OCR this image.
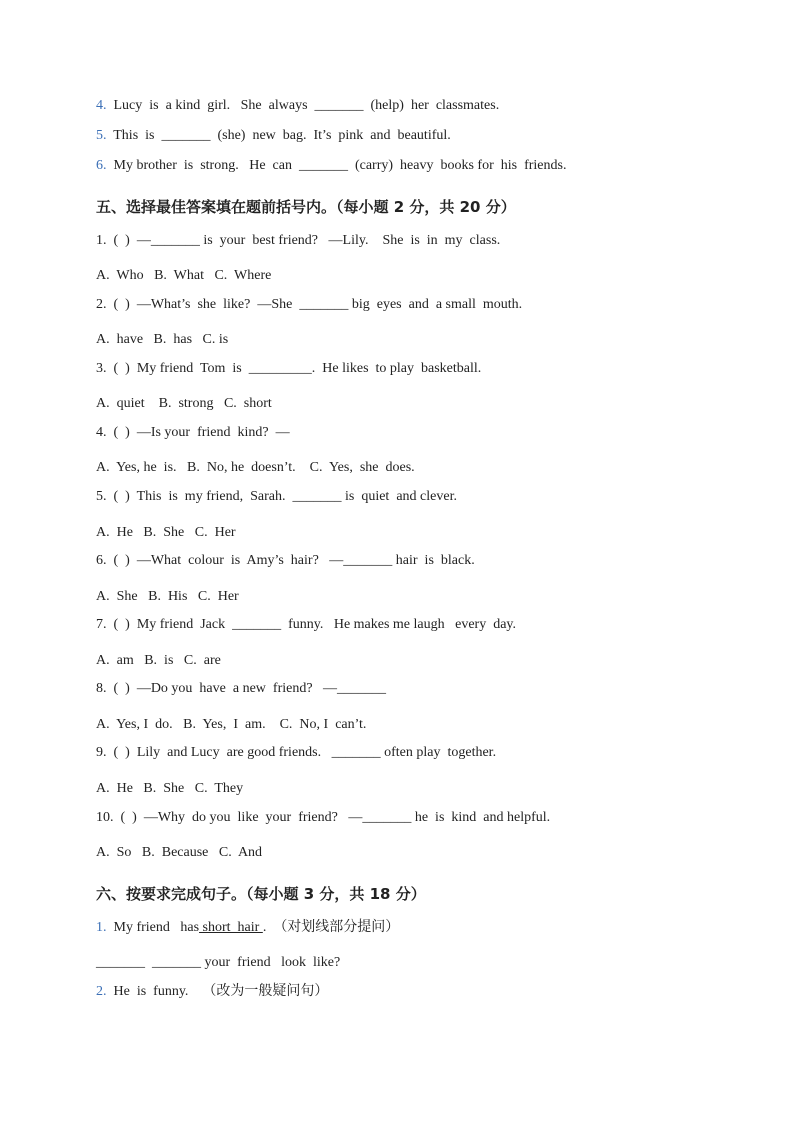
4. Lucy  is  a kind  girl.   She  always  _______  (help)  her  classmates.
5. This  is  _______  (she)  new  bag.  It’s  pink  and  beautiful.
6. My brother  is  strong.   He  can  _______  (carry)  heavy  books for  his  friends.
五、选择最佳答案填在题前括号内。（每小题 2 分，共 20 分）
1.  (  )  —_______ is  your  best friend?   —Lily.    She  is  in  my  class.
A.  Who   B.  What   C.  Where
2.  (  )  —What’s  she  like?  —She  _______ big  eyes  and  a small  mouth.
A.  have   B.  has   C. is
3.  (  )  My friend  Tom  is  _________.  He likes  to play  basketball.
A.  quiet    B.  strong   C.  short
4.  (  )  —Is your  friend  kind?  —
A.  Yes, he  is.   B.  No, he  doesn’t.    C.  Yes,  she  does.
5.  (  )  This  is  my friend,  Sarah.  _______ is  quiet  and clever.
A.  He   B.  She   C.  Her
6.  (  )  —What  colour  is  Amy’s  hair?   —_______ hair  is  black.
A.  She   B.  His   C.  Her
7.  (  )  My friend  Jack  _______  funny.   He makes me laugh   every  day.
A.  am   B.  is   C.  are
8.  (  )  —Do you  have  a new  friend?   —_______
A.  Yes, I  do.   B.  Yes,  I  am.    C.  No, I  can’t.
9.  (  )  Lily  and Lucy  are good friends.   _______ often play  together.
A.  He   B.  She   C.  They
10.  (  )  —Why  do you  like  your  friend?   —_______ he  is  kind  and helpful.
A.  So   B.  Because   C.  And
六、按要求完成句子。（每小题 3 分，共 18 分）
1. My friend   has short  hair .  （对划线部分提问）
_______  _______ your  friend   look  like?
2. He  is  funny.    （改为一般疑问句）
